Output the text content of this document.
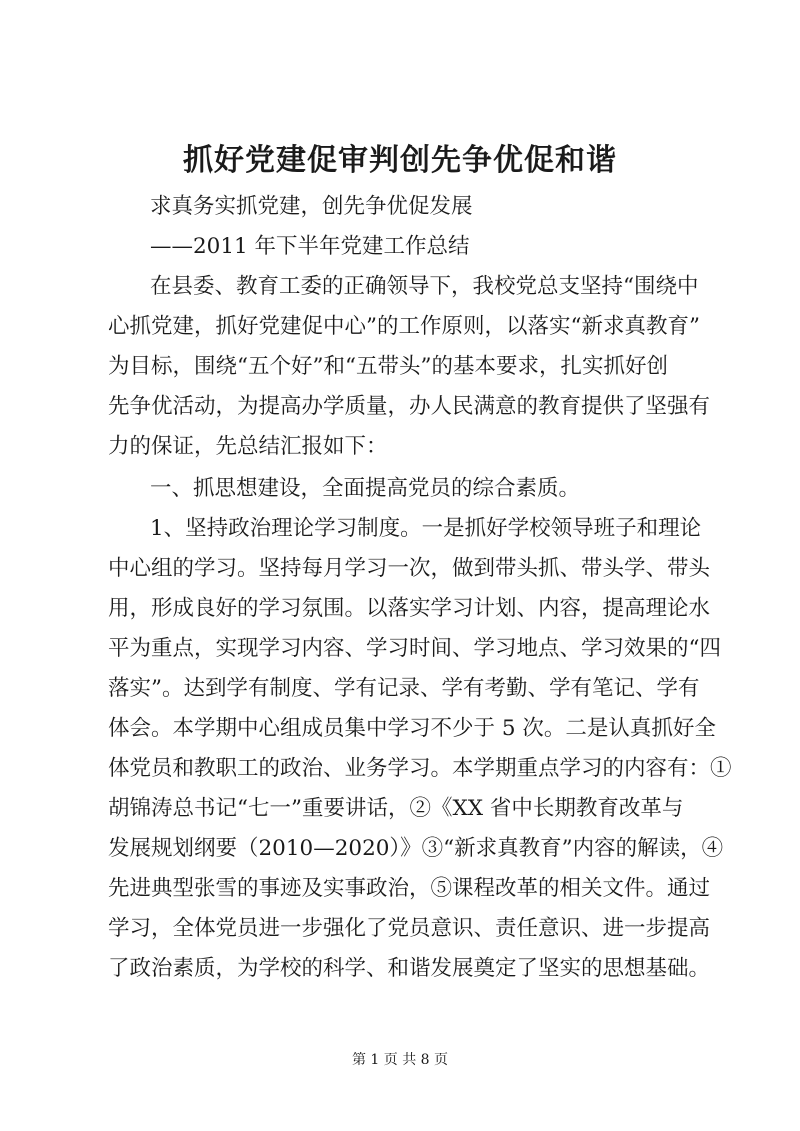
抓好党建促审判创先争优促和谐
求真务实抓党建，创先争优促发展
——2011 年下半年党建工作总结
在县委、教育工委的正确领导下，我校党总支坚持“围绕中
心抓党建，抓好党建促中心”的工作原则，以落实“新求真教育”
为目标，围绕“五个好”和“五带头”的基本要求，扎实抓好创
先争优活动，为提高办学质量，办人民满意的教育提供了坚强有
力的保证，先总结汇报如下：
一、抓思想建设，全面提高党员的综合素质。
1、坚持政治理论学习制度。一是抓好学校领导班子和理论
中心组的学习。坚持每月学习一次，做到带头抓、带头学、带头
用，形成良好的学习氛围。以落实学习计划、内容，提高理论水
平为重点，实现学习内容、学习时间、学习地点、学习效果的“四
落实”。达到学有制度、学有记录、学有考勤、学有笔记、学有
体会。本学期中心组成员集中学习不少于 5 次。二是认真抓好全
体党员和教职工的政治、业务学习。本学期重点学习的内容有：①
胡锦涛总书记“七一”重要讲话，②《XX 省中长期教育改革与
发展规划纲要（2010—2020）》③“新求真教育”内容的解读，④
先进典型张雪的事迹及实事政治，⑤课程改革的相关文件。通过
学习，全体党员进一步强化了党员意识、责任意识、进一步提高
了政治素质，为学校的科学、和谐发展奠定了坚实的思想基础。
第 1 页 共 8 页
